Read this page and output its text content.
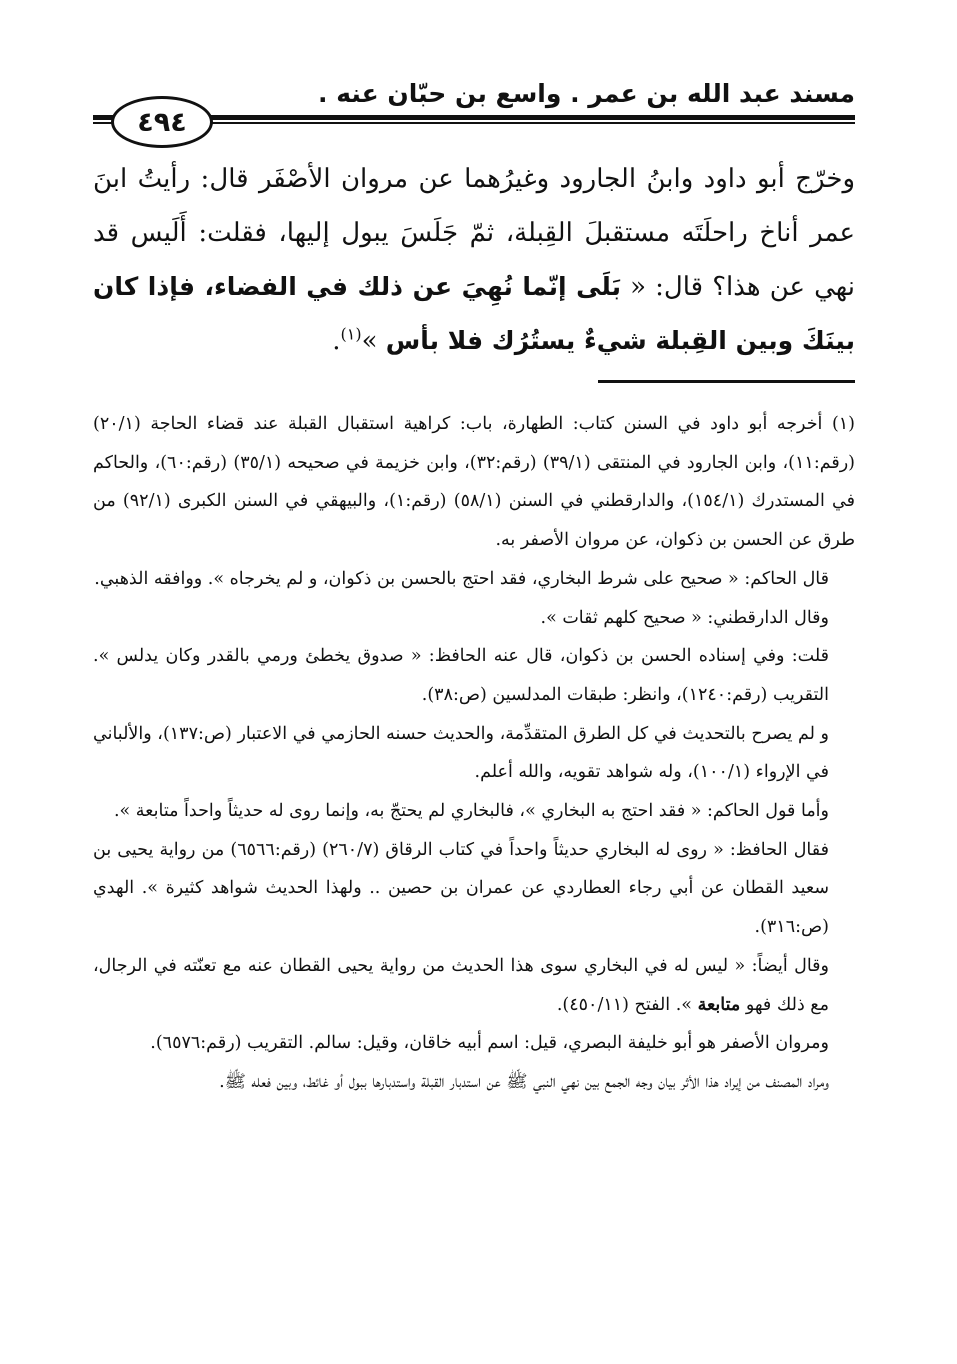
مسند عبد الله بن عمر . واسع بن حبّان عنه .
٤٩٤
وخرّج أبو داود وابنُ الجارود وغيرُهما عن مروان الأصْفَر قال: رأيتُ ابنَ عمر أناخ راحلَتَه مستقبلَ القِبلة، ثمّ جَلَسَ يبول إليها، فقلت: أَلَيس قد نهي عن هذا؟ قال: « بَلَى إنّما نُهِيَ عن ذلك في الفضاء، فإذا كان بينَكَ وبين القِبلة شيءٌ يستُرُك فلا بأس »$^{(١)}$.

(١) أخرجه أبو داود في السنن كتاب: الطهارة، باب: كراهية استقبال القبلة عند قضاء الحاجة (٢٠/١) (رقم:١١)، وابن الجارود في المنتقى (٣٩/١) (رقم:٣٢)، وابن خزيمة في صحيحه (٣٥/١) (رقم:٦٠)، والحاكم في المستدرك (١٥٤/١)، والدارقطني في السنن (٥٨/١) (رقم:١)، والبيهقي في السنن الكبرى (٩٢/١) من طرق عن الحسن بن ذكوان، عن مروان الأصفر به.

قال الحاكم: « صحيح على شرط البخاري، فقد احتج بالحسن بن ذكوان، و لم يخرجاه ». ووافقه الذهبي.

وقال الدارقطني: « صحيح كلهم ثقات ».

قلت: وفي إسناده الحسن بن ذكوان، قال عنه الحافظ: « صدوق يخطئ ورمي بالقدر وكان يدلس ». التقريب (رقم:١٢٤٠)، وانظر: طبقات المدلسين (ص:٣٨).

و لم يصرح بالتحديث في كل الطرق المتقدِّمة، والحديث حسنه الحازمي في الاعتبار (ص:١٣٧)، والألباني في الإرواء (١٠٠/١)، وله شواهد تقويه، والله أعلم.

وأما قول الحاكم: « فقد احتج به البخاري »، فالبخاري لم يحتجّ به، وإنما روى له حديثاً واحداً متابعة ».

فقال الحافظ: « روى له البخاري حديثاً واحداً في كتاب الرقاق (٢٦٠/٧) (رقم:٦٥٦٦) من رواية يحيى بن سعيد القطان عن أبي رجاء العطاردي عن عمران بن حصين .. ولهذا الحديث شواهد كثيرة ». الهدي (ص:٣١٦).

وقال أيضاً: « ليس له في البخاري سوى هذا الحديث من رواية يحيى القطان عنه مع تعنّته في الرجال، مع ذلك فهو متابعة ». الفتح (٤٥٠/١١).

ومروان الأصفر هو أبو خليفة البصري، قيل: اسم أبيه خاقان، وقيل: سالم. التقريب (رقم:٦٥٧٦).

ومراد المصنف من إيراد هذا الأثر بيان وجه الجمع بين نهي النبي ﷺ عن استدبار القبلة واستدبارها ببول أو غائط، وبين فعله ﷺ.
